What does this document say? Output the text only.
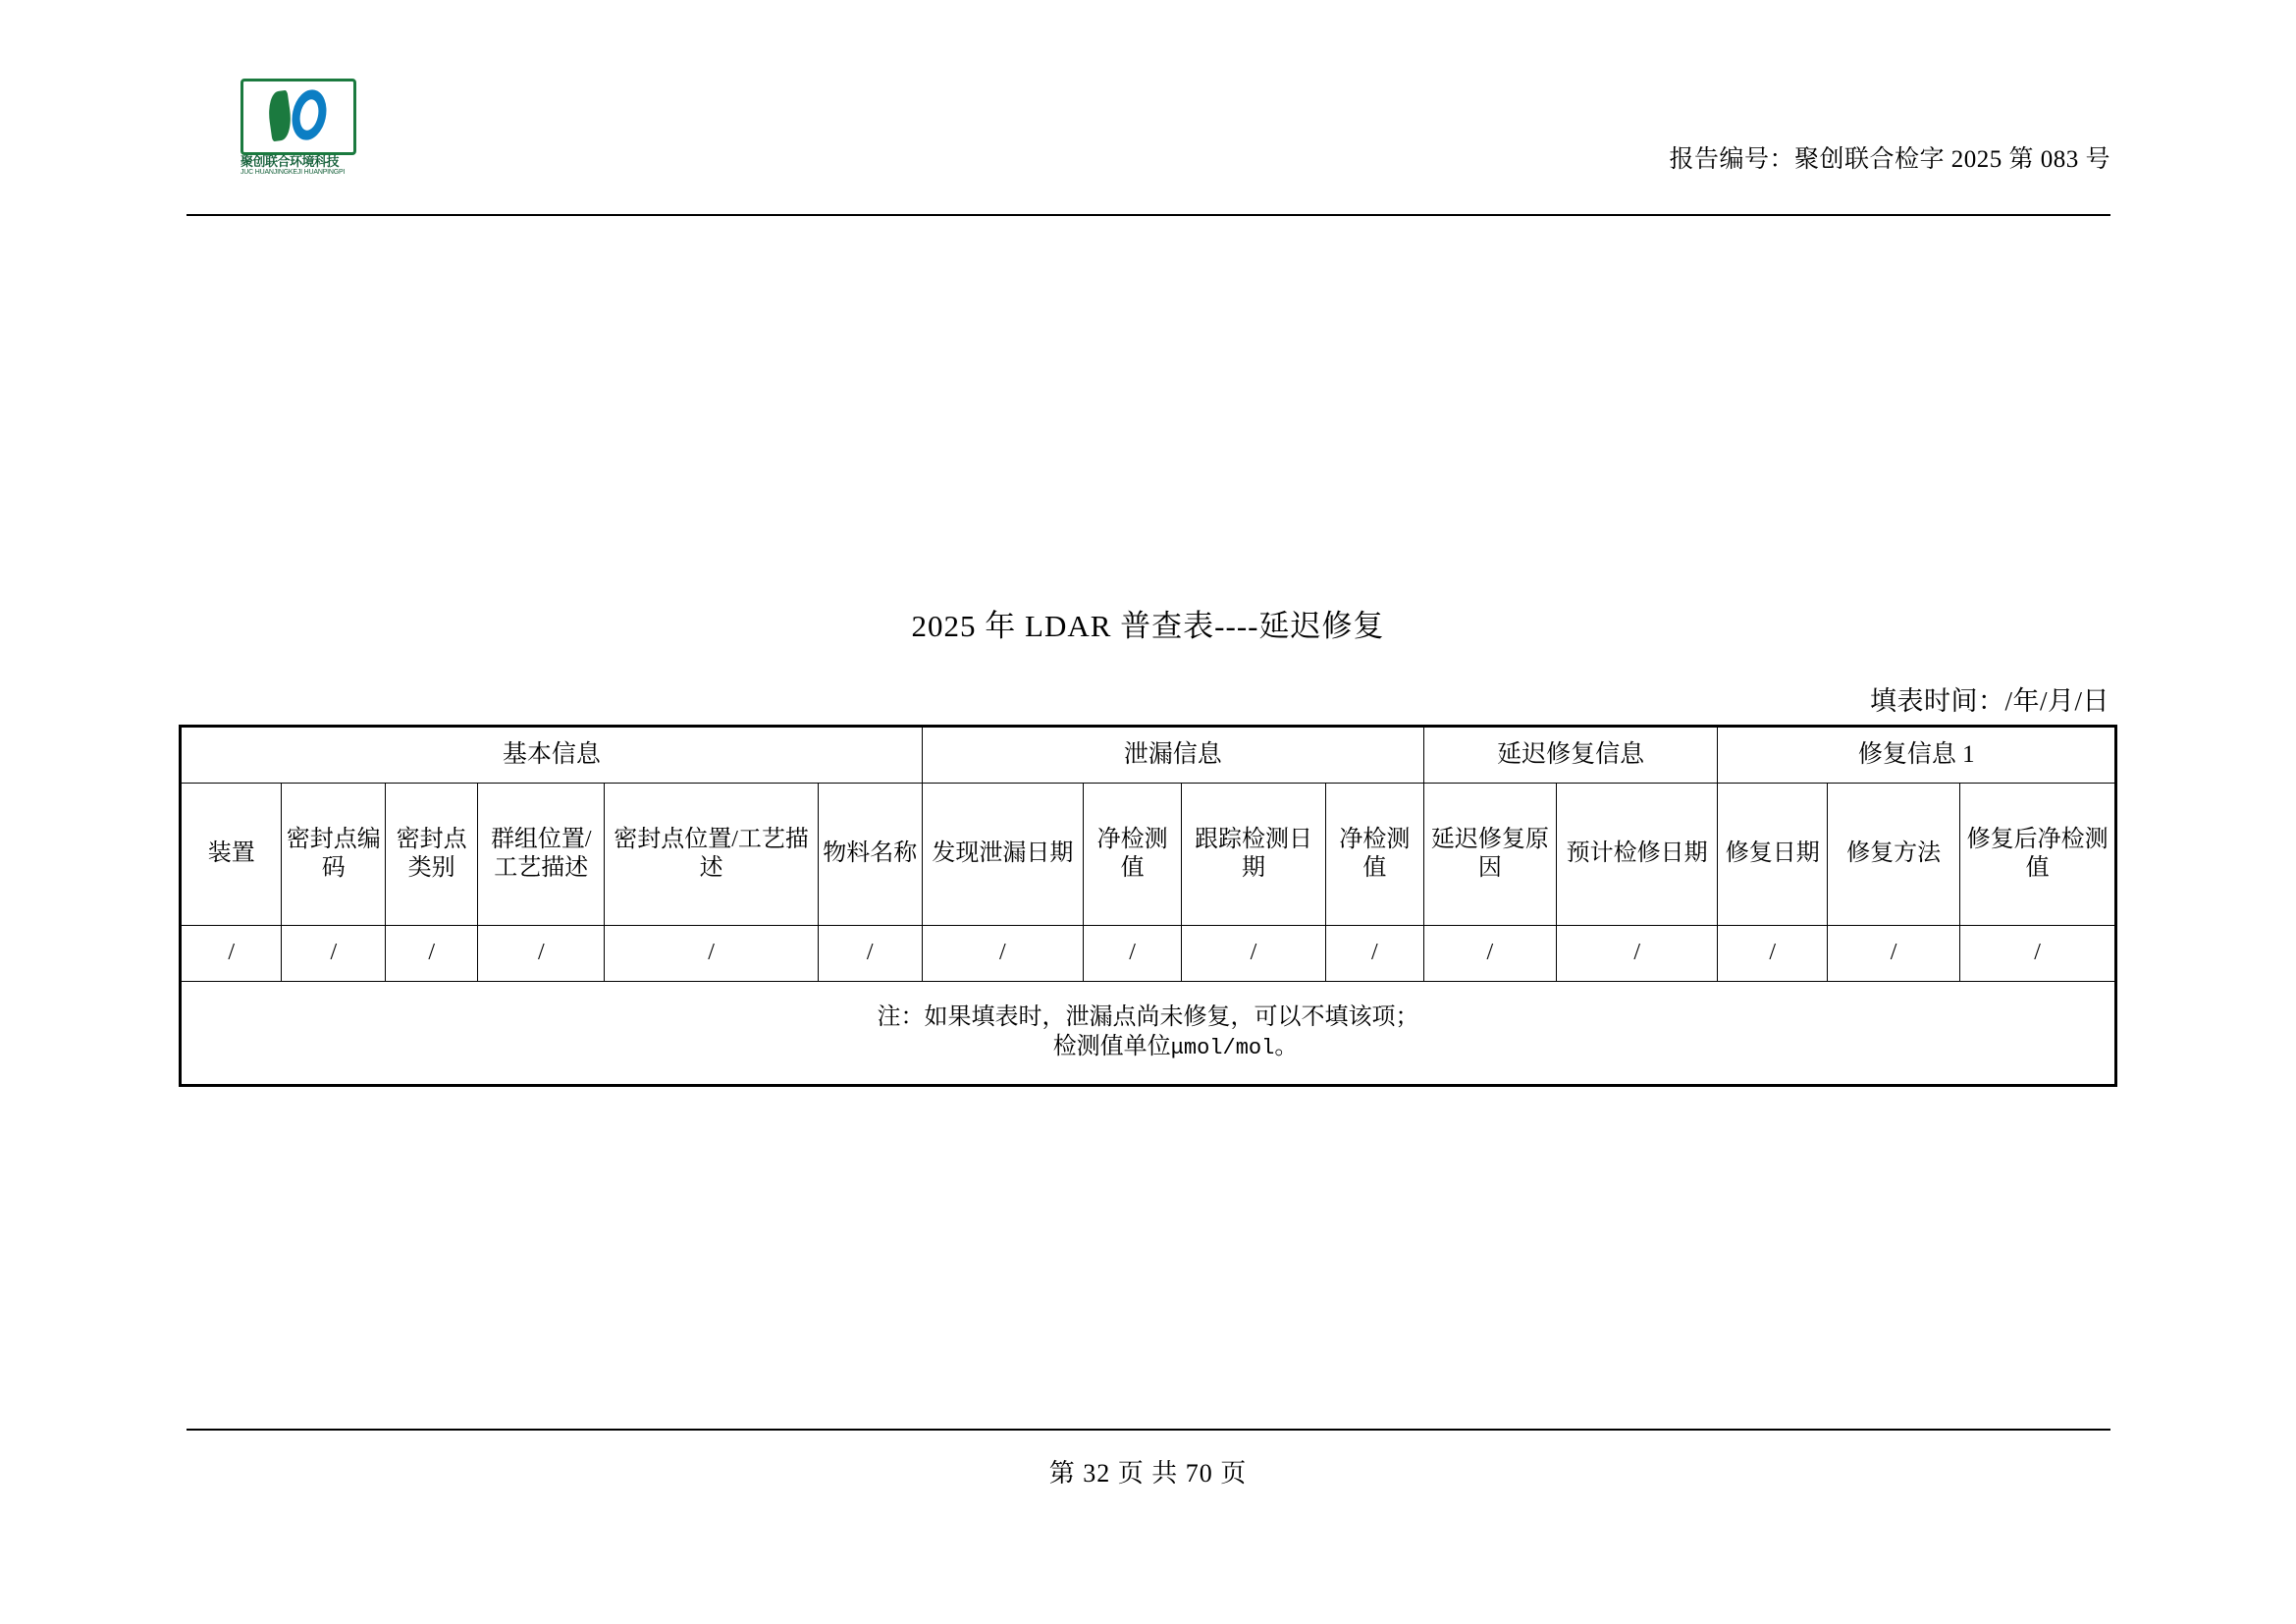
聚创联合环境科技
JUC HUANJINGKEJI HUANPINGPI	报告编号：聚创联合检字 2025 第 083 号
2025 年 LDAR 普查表----延迟修复
填表时间：/年/月/日
基本信息						泄漏信息				延迟修复信息		修复信息 1		
装置	密封点编码	密封点类别	群组位置/工艺描述	密封点位置/工艺描述	物料名称	发现泄漏日期	净检测值	跟踪检测日期	净检测值	延迟修复原因	预计检修日期	修复日期	修复方法	修复后净检测值
/	/	/	/	/	/	/	/	/	/	/	/	/	/	/

注：如果填表时，泄漏点尚未修复，可以不填该项；
检测值单位μmol/mol。														
第 32 页 共 70 页
